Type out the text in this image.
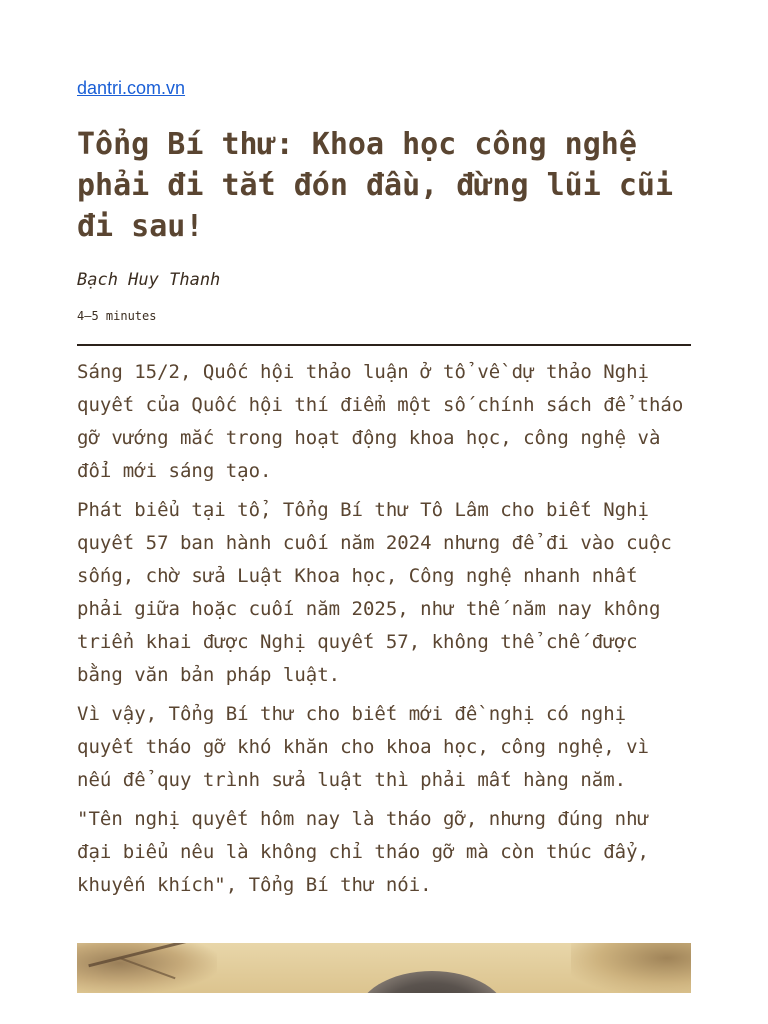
dantri.com.vn
Tổng Bí thư: Khoa học công nghệ phải đi tắt đón đầu, đừng lũi cũi đi sau!
Bạch Huy Thanh
4–5 minutes

Sáng 15/2, Quốc hội thảo luận ở tổ về dự thảo Nghị quyết của Quốc hội thí điểm một số chính sách để tháo gỡ vướng mắc trong hoạt động khoa học, công nghệ và đổi mới sáng tạo.

Phát biểu tại tổ, Tổng Bí thư Tô Lâm cho biết Nghị quyết 57 ban hành cuối năm 2024 nhưng để đi vào cuộc sống, chờ sửa Luật Khoa học, Công nghệ nhanh nhất phải giữa hoặc cuối năm 2025, như thế năm nay không triển khai được Nghị quyết 57, không thể chế được bằng văn bản pháp luật.

Vì vậy, Tổng Bí thư cho biết mới đề nghị có nghị quyết tháo gỡ khó khăn cho khoa học, công nghệ, vì nếu để quy trình sửa luật thì phải mất hàng năm.

"Tên nghị quyết hôm nay là tháo gỡ, nhưng đúng như đại biểu nêu là không chỉ tháo gỡ mà còn thúc đẩy, khuyến khích", Tổng Bí thư nói.
